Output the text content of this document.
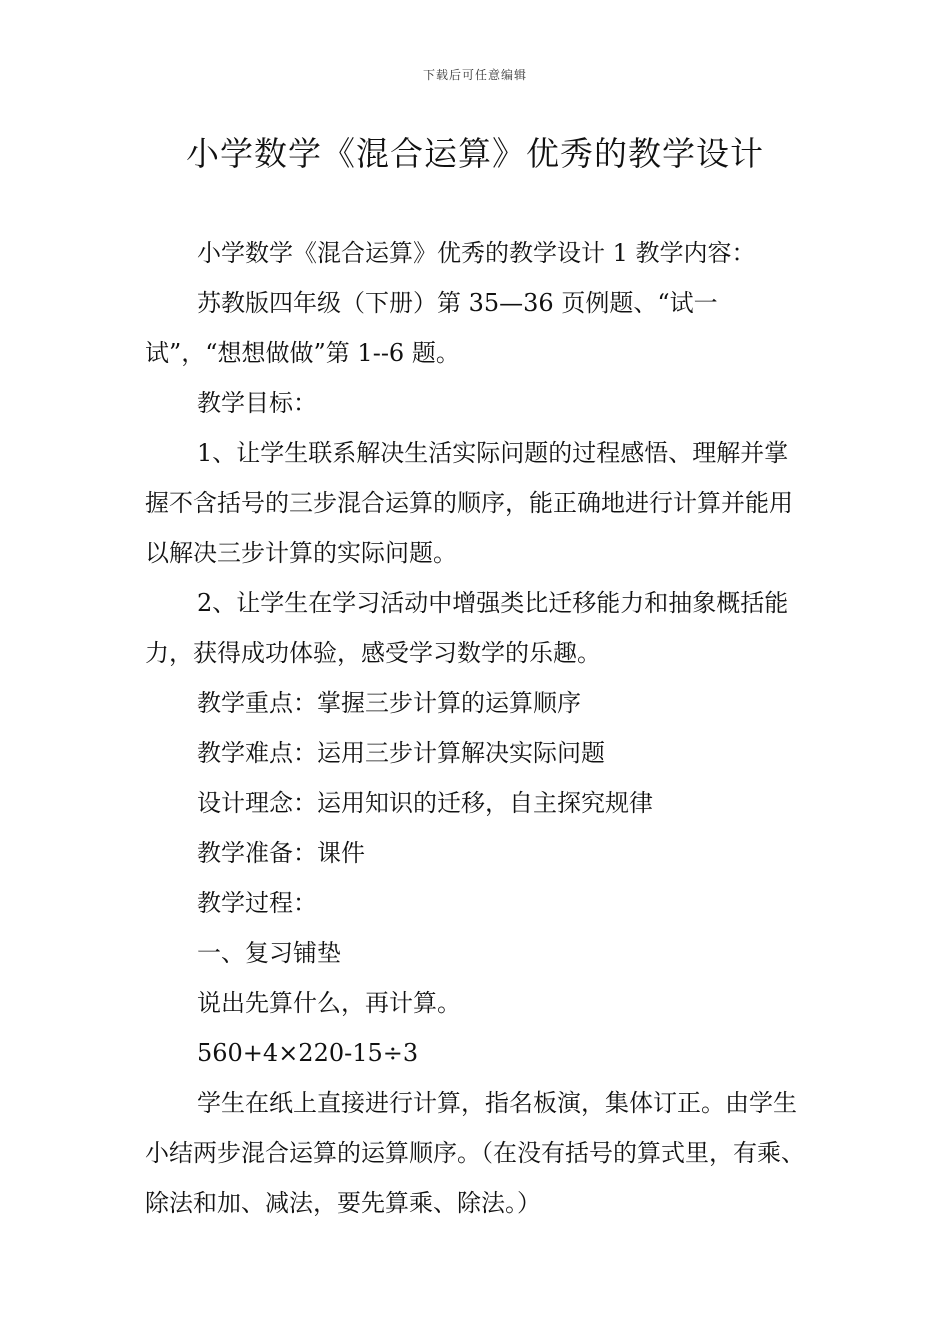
下载后可任意编辑
小学数学《混合运算》优秀的教学设计

小学数学《混合运算》优秀的教学设计 1 教学内容：

苏教版四年级（下册）第 35—36 页例题、“试一试”，“想想做做”第 1--6 题。

教学目标：

1、让学生联系解决生活实际问题的过程感悟、理解并掌握不含括号的三步混合运算的顺序，能正确地进行计算并能用以解决三步计算的实际问题。

2、让学生在学习活动中增强类比迁移能力和抽象概括能力，获得成功体验，感受学习数学的乐趣。

教学重点：掌握三步计算的运算顺序

教学难点：运用三步计算解决实际问题

设计理念：运用知识的迁移，自主探究规律

教学准备：课件

教学过程：

一、复习铺垫

说出先算什么，再计算。

560+4×220-15÷3

学生在纸上直接进行计算，指名板演，集体订正。由学生小结两步混合运算的运算顺序。（在没有括号的算式里，有乘、除法和加、减法，要先算乘、除法。）
